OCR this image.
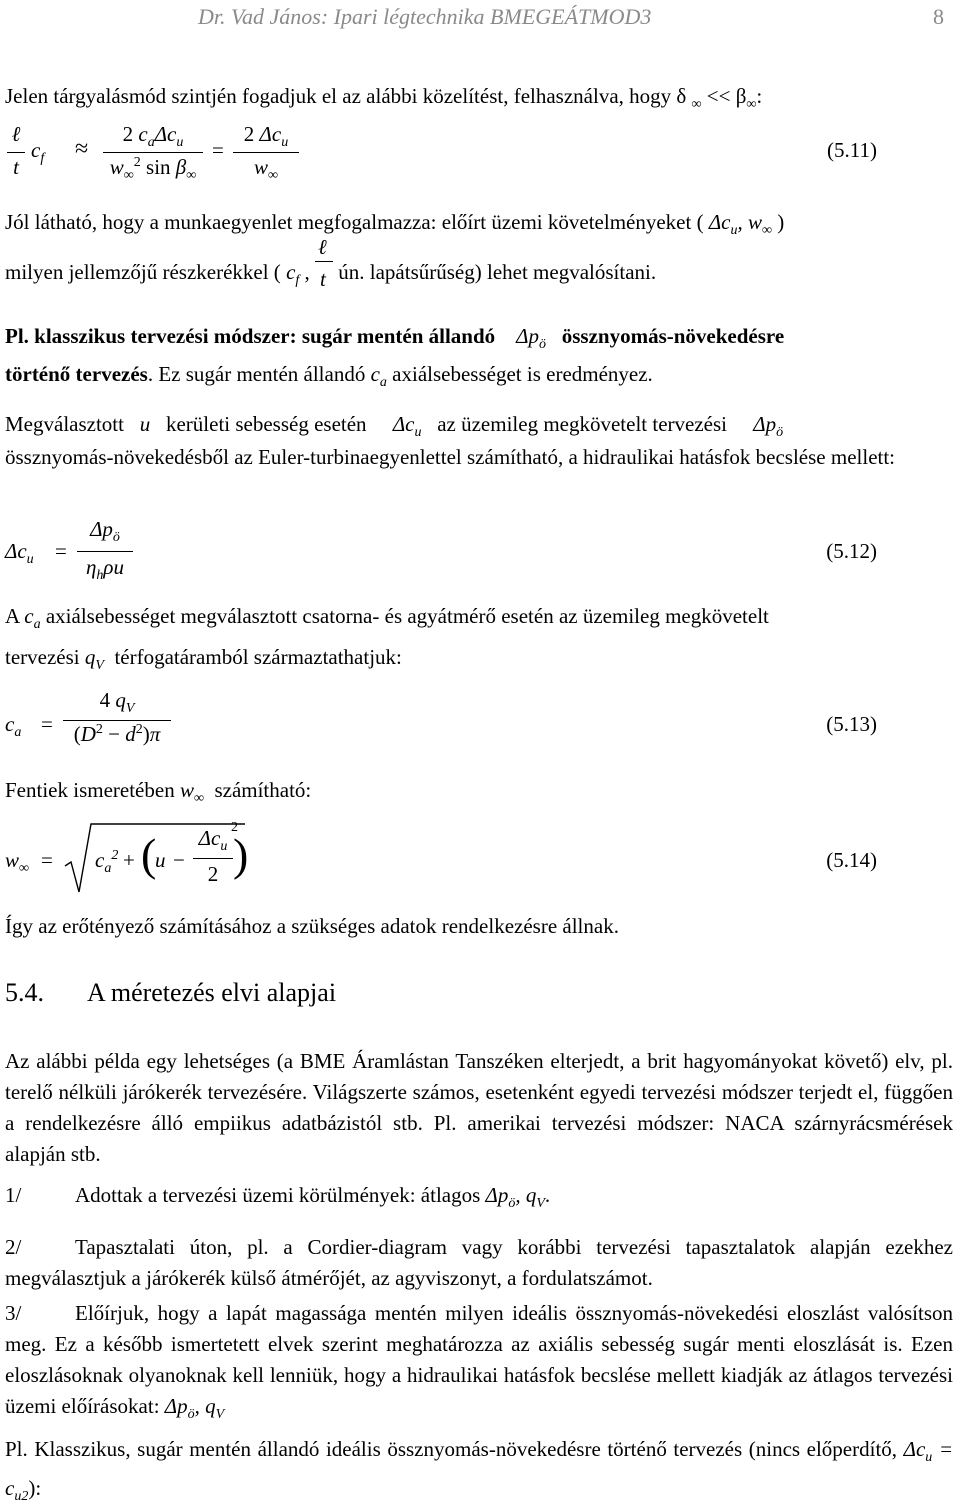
Dr. Vad János: Ipari légtechnika BMEGEÁTMOD3	8
Jelen tárgyalásmód szintjén fogadjuk el az alábbi közelítést, felhasználva, hogy δ $_\infty << \beta_\infty$:
ℓ
t
$c_f$ ≈
2 $c_a\Delta c_u$
$w_\infty^2$ $\sin \beta_\infty$
=
2 $\Delta c_u$
$w_\infty$
(5.11)
Jól látható, hogy a munkaegyenlet megfogalmazza: előírt üzemi követelményeket ( $\Delta c_u$, $w_\infty$ )
milyen jellemzőjű részkerékkel ( $c_f$ ,
ℓ
t ún. lapátsűrűség) lehet megvalósítani.
Pl. klasszikus tervezési módszer: sugár mentén állandó    $\Delta p_ö$ össznyomás-növekedésre
történő tervezés. Ez sugár mentén állandó $c_a$ axiálsebességet is eredményez.
Megválasztott u kerületi sebesség esetén $\Delta c_u$ az üzemileg megkövetelt tervezési $\Delta p_ö$
össznyomás-növekedésből az Euler-turbinaegyenlettel számítható, a hidraulikai hatásfok becslése mellett:
$\Delta c_u$ =
$\Delta p_ö$
$\eta_h\rho u$
(5.12)
A $c_a$ axiálsebességet megválasztott csatorna- és agyátmérő esetén az üzemileg megkövetelt
tervezési $q_V$ térfogatáramból származtathatjuk:
$c_a$ =
4 $q_V$
$(D^2 - d^2)\pi$	(5.13)
Fentiek ismeretében $w_\infty$ számítható:
$w_\infty = c_a^2$ + (
u −
$\Delta c_u$
2 )
2
(5.14)
Így az erőtényező számításához a szükséges adatok rendelkezésre állnak.
5.4. A méretezés elvi alapjai
Az alábbi példa egy lehetséges (a BME Áramlástan Tanszéken elterjedt, a brit hagyományokat követő) elv, pl. terelő nélküli járókerék tervezésére. Világszerte számos, esetenként egyedi tervezési módszer terjedt el, függően a rendelkezésre álló empiikus adatbázistól stb. Pl. amerikai tervezési módszer: NACA szárnyrácsmérések alapján stb.
1/	Adottak a tervezési üzemi körülmények: átlagos $\Delta p_ö$, $q_V$.
2/	Tapasztalati úton, pl. a Cordier-diagram vagy korábbi tervezési tapasztalatok alapján ezekhez megválasztjuk a járókerék külső átmérőjét, az agyviszonyt, a fordulatszámot.
3/	Előírjuk, hogy a lapát magassága mentén milyen ideális össznyomás-növekedési eloszlást valósítson meg. Ez a később ismertetett elvek szerint meghatározza az axiális sebesség sugár menti eloszlását is. Ezen eloszlásoknak olyanoknak kell lenniük, hogy a hidraulikai hatásfok becslése mellett kiadják az átlagos tervezési üzemi előírásokat: $\Delta p_ö$, $q_V$
Pl. Klasszikus, sugár mentén állandó ideális össznyomás-növekedésre történő tervezés (nincs előperdítő, $\Delta c_u = c_{u2}$):
